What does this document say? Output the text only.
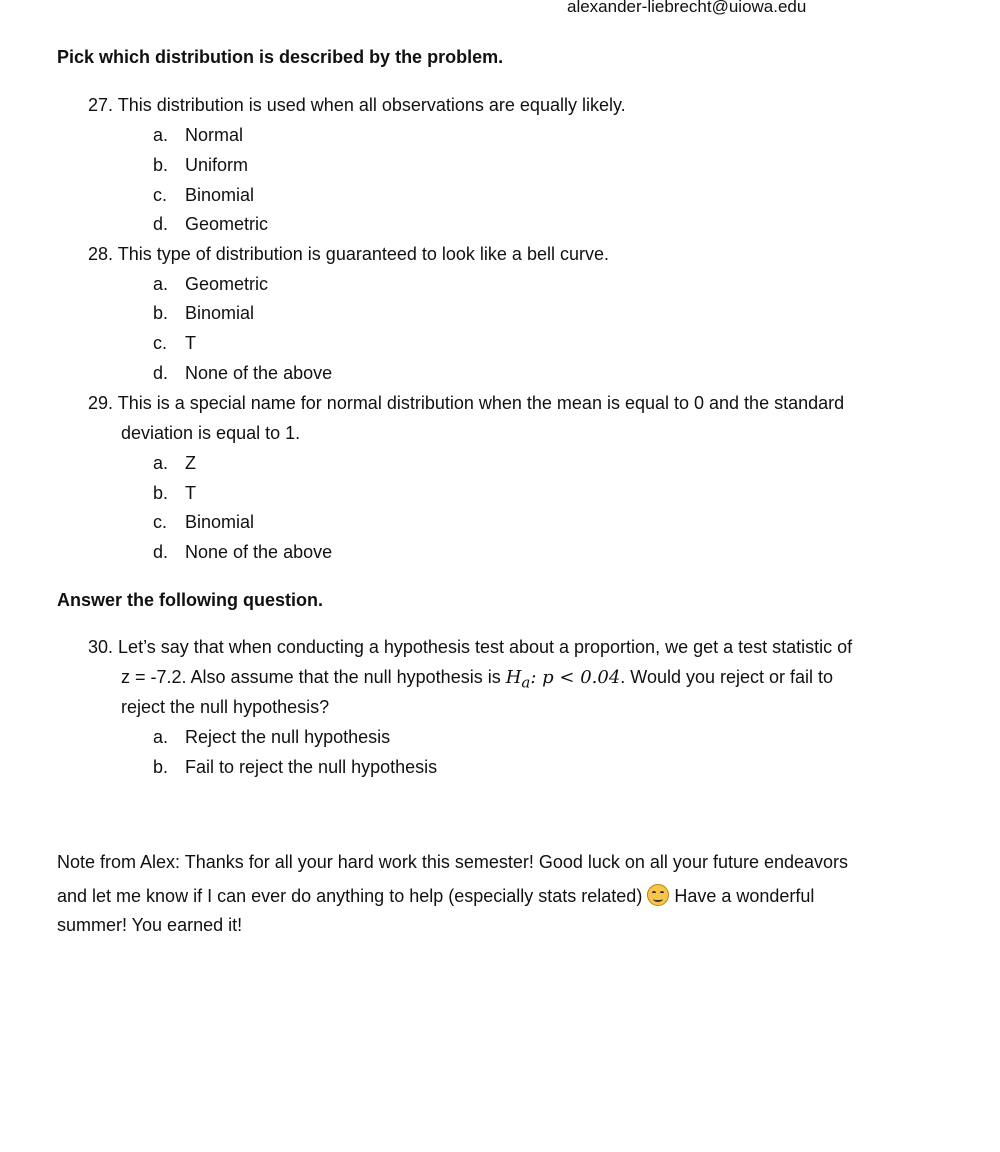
alexander-liebrecht@uiowa.edu
Pick which distribution is described by the problem.
27. This distribution is used when all observations are equally likely.
a. Normal
b. Uniform
c. Binomial
d. Geometric
28. This type of distribution is guaranteed to look like a bell curve.
a. Geometric
b. Binomial
c. T
d. None of the above
29. This is a special name for normal distribution when the mean is equal to 0 and the standard
deviation is equal to 1.
a. Z
b. T
c. Binomial
d. None of the above
Answer the following question.
30. Let’s say that when conducting a hypothesis test about a proportion, we get a test statistic of
z = -7.2. Also assume that the null hypothesis is $H_a$: p < 0.04. Would you reject or fail to
reject the null hypothesis?
a. Reject the null hypothesis
b. Fail to reject the null hypothesis
Note from Alex: Thanks for all your hard work this semester! Good luck on all your future endeavors
and let me know if I can ever do anything to help (especially stats related)
Have a wonderful
summer! You earned it!
